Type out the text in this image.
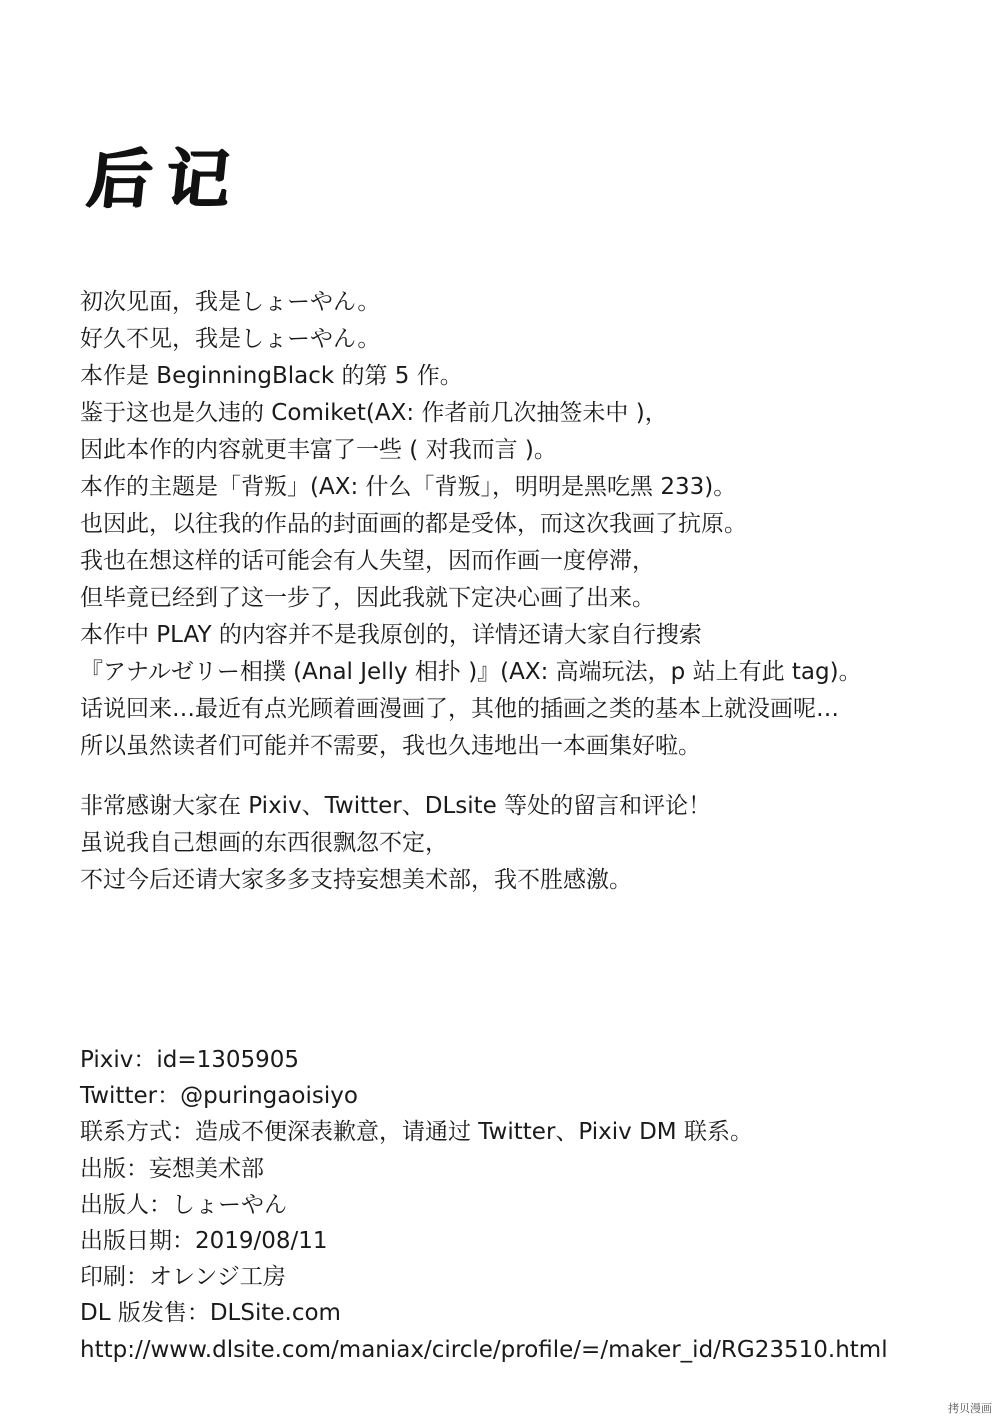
后记
初次见面，我是しょーやん。
好久不见，我是しょーやん。
本作是 BeginningBlack 的第 5 作。
鉴于这也是久违的 Comiket(AX: 作者前几次抽签未中 )，
因此本作的内容就更丰富了一些 ( 对我而言 )。
本作的主题是「背叛」(AX: 什么「背叛」，明明是黑吃黑 233)。
也因此，以往我的作品的封面画的都是受体，而这次我画了抗原。
我也在想这样的话可能会有人失望，因而作画一度停滞，
但毕竟已经到了这一步了，因此我就下定决心画了出来。
本作中 PLAY 的内容并不是我原创的，详情还请大家自行搜索
『アナルゼリー相撲 (Anal Jelly 相扑 )』(AX: 高端玩法，p 站上有此 tag)。
话说回来…最近有点光顾着画漫画了，其他的插画之类的基本上就没画呢…
所以虽然读者们可能并不需要，我也久违地出一本画集好啦。
非常感谢大家在 Pixiv、Twitter、DLsite 等处的留言和评论！
虽说我自己想画的东西很飘忽不定，
不过今后还请大家多多支持妄想美术部，我不胜感激。
Pixiv：id=1305905
Twitter：@puringaoisiyo
联系方式：造成不便深表歉意，请通过 Twitter、Pixiv DM 联系。
出版：妄想美术部
出版人：しょーやん
出版日期：2019/08/11
印刷：オレンジ工房
DL 版发售：DLSite.com
http://www.dlsite.com/maniax/circle/profile/=/maker_id/RG23510.html
拷贝漫画
